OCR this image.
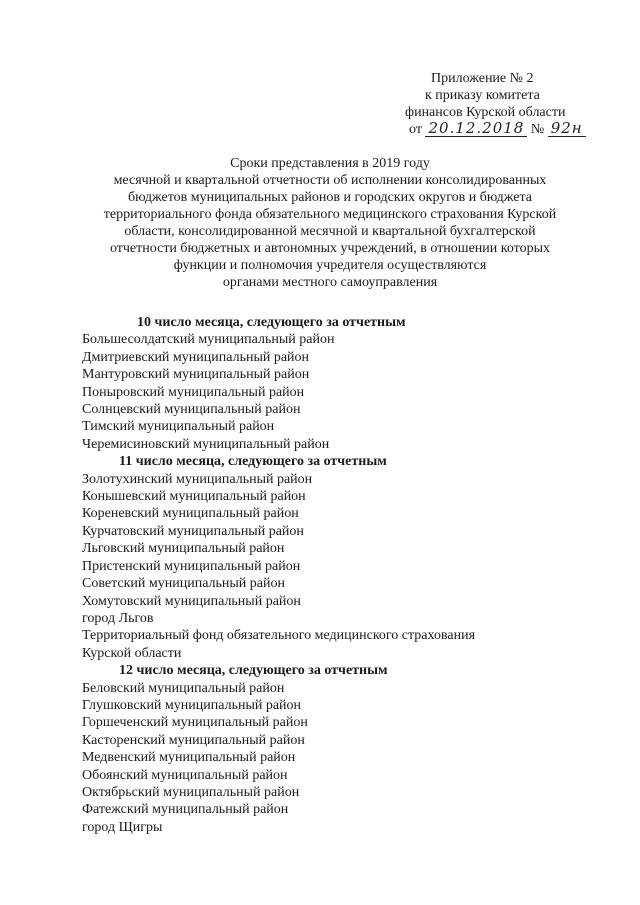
Приложение № 2
к приказу комитета
финансов Курской области
от 20.12.2018 № 92н
Сроки представления в 2019 году
месячной и квартальной отчетности об исполнении консолидированных
бюджетов муниципальных районов и городских округов и бюджета
территориального фонда обязательного медицинского страхования Курской
области, консолидированной месячной и квартальной бухгалтерской
отчетности бюджетных и автономных учреждений, в отношении которых
функции и полномочия учредителя осуществляются
органами местного самоуправления
10 число месяца, следующего за отчетным
Большесолдатский муниципальный район
Дмитриевский муниципальный район
Мантуровский муниципальный район
Поныровский муниципальный район
Солнцевский муниципальный район
Тимский муниципальный район
Черемисиновский муниципальный район
11 число месяца, следующего за отчетным
Золотухинский муниципальный район
Конышевский муниципальный район
Кореневский муниципальный район
Курчатовский муниципальный район
Льговский муниципальный район
Пристенский муниципальный район
Советский муниципальный район
Хомутовский муниципальный район
город Льгов
Территориальный фонд обязательного медицинского страхования
Курской области
12 число месяца, следующего за отчетным
Беловский муниципальный район
Глушковский муниципальный район
Горшеченский муниципальный район
Касторенский муниципальный район
Медвенский муниципальный район
Обоянский муниципальный район
Октябрьский муниципальный район
Фатежский муниципальный район
город Щигры
